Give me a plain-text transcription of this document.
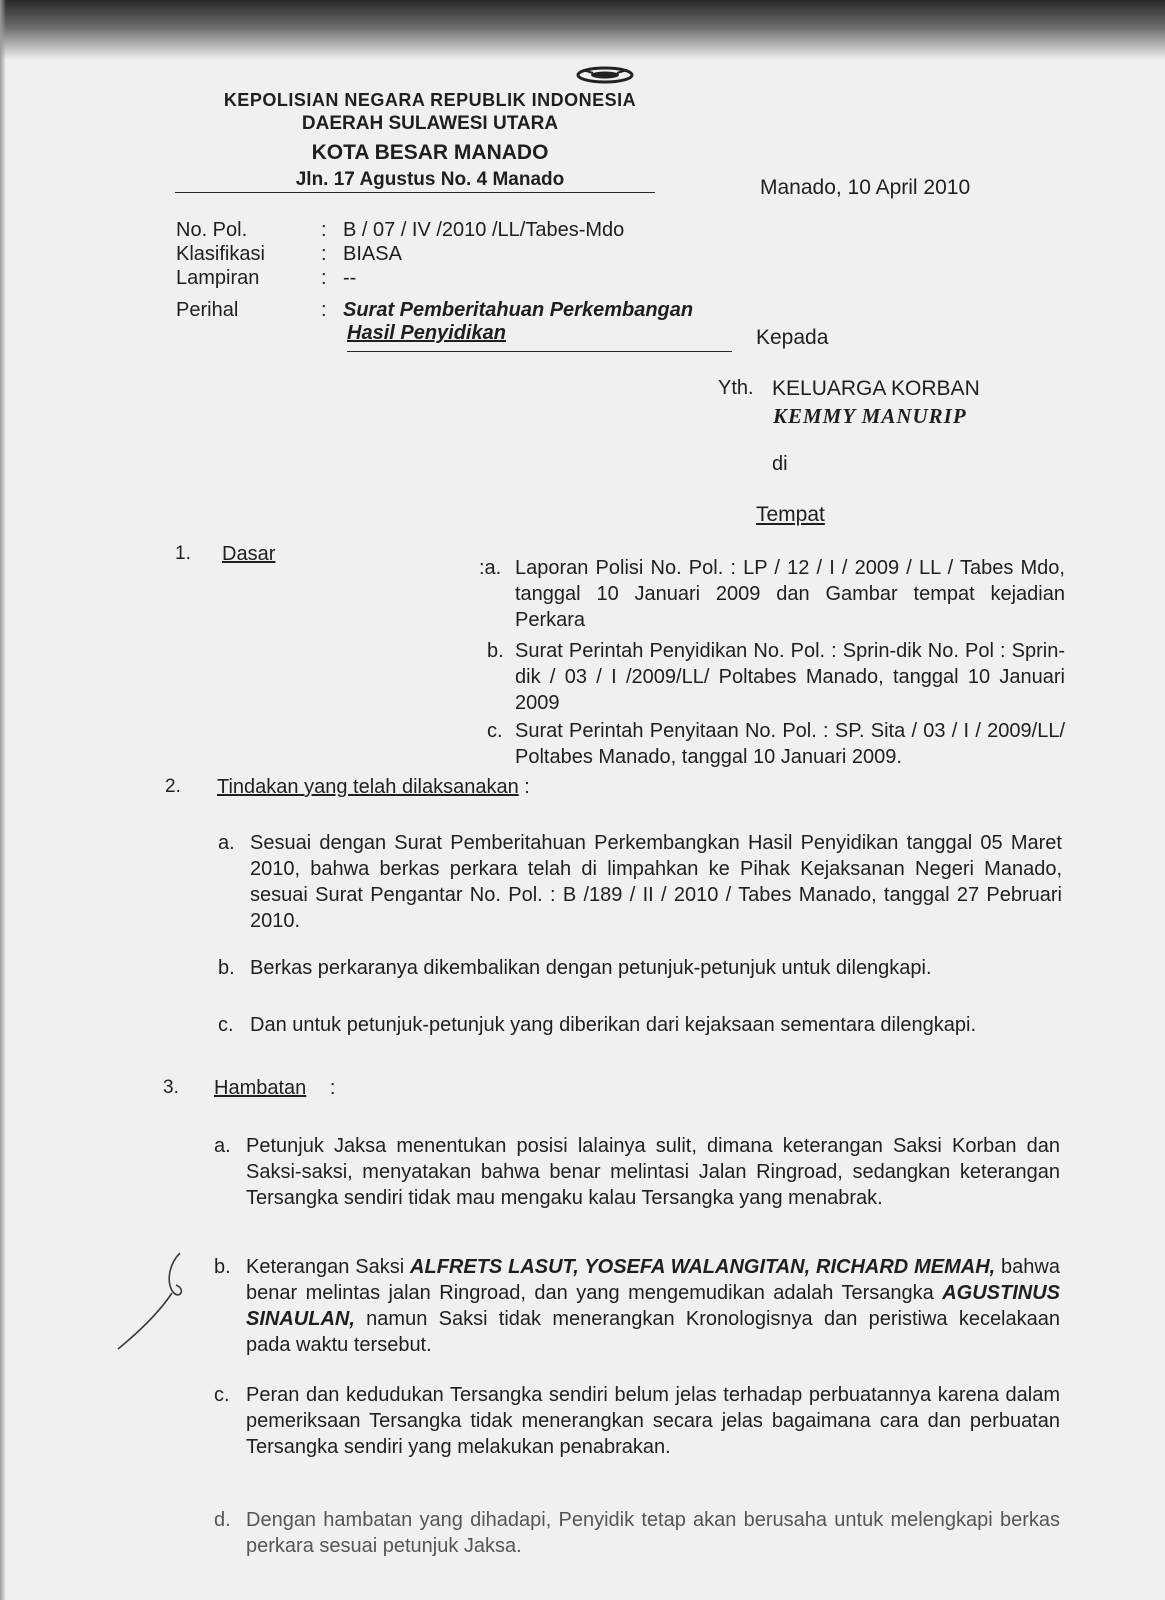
KEPOLISIAN NEGARA REPUBLIK INDONESIA
DAERAH SULAWESI UTARA
KOTA BESAR MANADO
Jln. 17 Agustus No. 4 Manado	Manado, 10 April 2010
No. Pol.	: B / 07 / IV /2010 /LL/Tabes-Mdo
Klasifikasi	: BIASA
Lampiran	: --
Perihal	: Surat Pemberitahuan Perkembangan
Hasil Penyidikan	Kepada
Yth. KELUARGA KORBAN
KEMMY MANURIP
di
Tempat
1. Dasar
:a. Laporan Polisi No. Pol. : LP / 12 / I / 2009 / LL / Tabes Mdo, tanggal 10 Januari 2009 dan Gambar tempat kejadian Perkara
b. Surat Perintah Penyidikan No. Pol. : Sprin-dik No. Pol : Sprin-dik / 03 / I /2009/LL/ Poltabes Manado, tanggal 10 Januari 2009
c. Surat Perintah Penyitaan No. Pol. : SP. Sita / 03 / I / 2009/LL/ Poltabes Manado, tanggal 10 Januari 2009.
2. Tindakan yang telah dilaksanakan :
a. Sesuai dengan Surat Pemberitahuan Perkembangkan Hasil Penyidikan tanggal 05 Maret 2010, bahwa berkas perkara telah di limpahkan ke Pihak Kejaksanan Negeri Manado, sesuai Surat Pengantar No. Pol. : B /189 / II / 2010 / Tabes Manado, tanggal 27 Pebruari 2010.
b. Berkas perkaranya dikembalikan dengan petunjuk-petunjuk untuk dilengkapi.
c. Dan untuk petunjuk-petunjuk yang diberikan dari kejaksaan sementara dilengkapi.
3. Hambatan :
a. Petunjuk Jaksa menentukan posisi lalainya sulit, dimana keterangan Saksi Korban dan Saksi-saksi, menyatakan bahwa benar melintasi Jalan Ringroad, sedangkan keterangan Tersangka sendiri tidak mau mengaku kalau Tersangka yang menabrak.
b. Keterangan Saksi ALFRETS LASUT, YOSEFA WALANGITAN, RICHARD MEMAH, bahwa benar melintas jalan Ringroad, dan yang mengemudikan adalah Tersangka AGUSTINUS SINAULAN, namun Saksi tidak menerangkan Kronologisnya dan peristiwa kecelakaan pada waktu tersebut.
c. Peran dan kedudukan Tersangka sendiri belum jelas terhadap perbuatannya karena dalam pemeriksaan Tersangka tidak menerangkan secara jelas bagaimana cara dan perbuatan Tersangka sendiri yang melakukan penabrakan.
d. Dengan hambatan yang dihadapi, Penyidik tetap akan berusaha untuk melengkapi berkas perkara sesuai petunjuk Jaksa.
